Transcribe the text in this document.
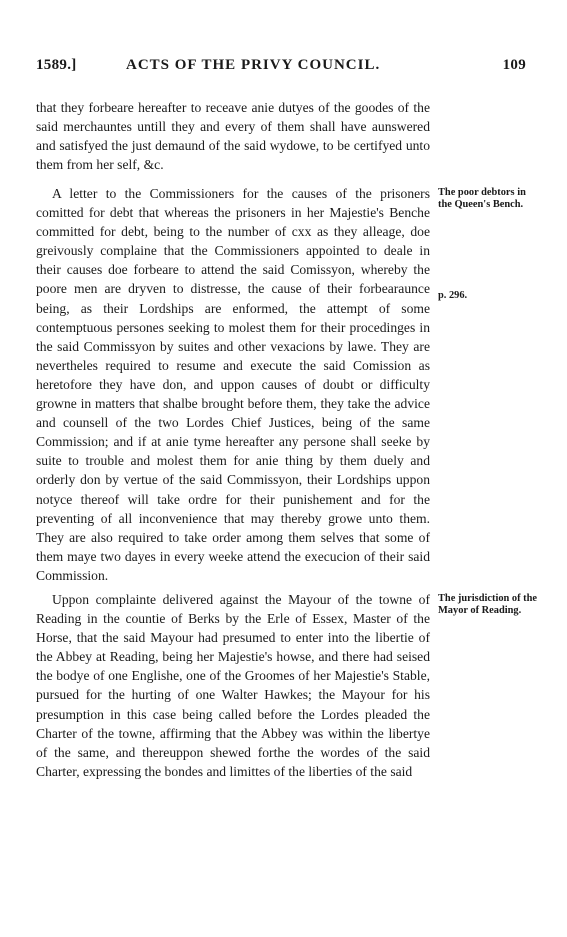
1589.]	ACTS OF THE PRIVY COUNCIL.	109

that they forbeare hereafter to receave anie dutyes of the goodes of the said merchauntes untill they and every of them shall have aunswered and satisfyed the just demaund of the said wydowe, to be certifyed unto them from her self, &c.

A letter to the Commissioners for the causes of the prisoners comitted for debt that whereas the prisoners in her Majestie's Benche committed for debt, being to the number of cxx as they alleage, doe greivously complaine that the Commissioners appointed to deale in their causes doe forbeare to attend the said Comissyon, whereby the poore men are dryven to distresse, the cause of their forbearaunce being, as their Lordships are enformed, the attempt of some contemptuous persones seeking to molest them for their procedinges in the said Commissyon by suites and other vexacions by lawe. They are nevertheles required to resume and execute the said Comission as heretofore they have don, and uppon causes of doubt or difficulty growne in matters that shalbe brought before them, they take the advice and counsell of the two Lordes Chief Justices, being of the same Commission; and if at anie tyme hereafter any persone shall seeke by suite to trouble and molest them for anie thing by them duely and orderly don by vertue of the said Commissyon, their Lordships uppon notyce thereof will take ordre for their punishement and for the preventing of all inconvenience that may thereby growe unto them. They are also required to take order among them selves that some of them maye two dayes in every weeke attend the execucion of their said Commission.

Uppon complainte delivered against the Mayour of the towne of Reading in the countie of Berks by the Erle of Essex, Master of the Horse, that the said Mayour had presumed to enter into the libertie of the Abbey at Reading, being her Majestie's howse, and there had seised the bodye of one Englishe, one of the Groomes of her Majestie's Stable, pursued for the hurting of one Walter Hawkes; the Mayour for his presumption in this case being called before the Lordes pleaded the Charter of the towne, affirming that the Abbey was within the libertye of the same, and thereuppon shewed forthe the wordes of the said Charter, expressing the bondes and limittes of the liberties of the said

The poor debtors in the Queen's Bench.
p. 296.
The jurisdiction of the Mayor of Reading.
